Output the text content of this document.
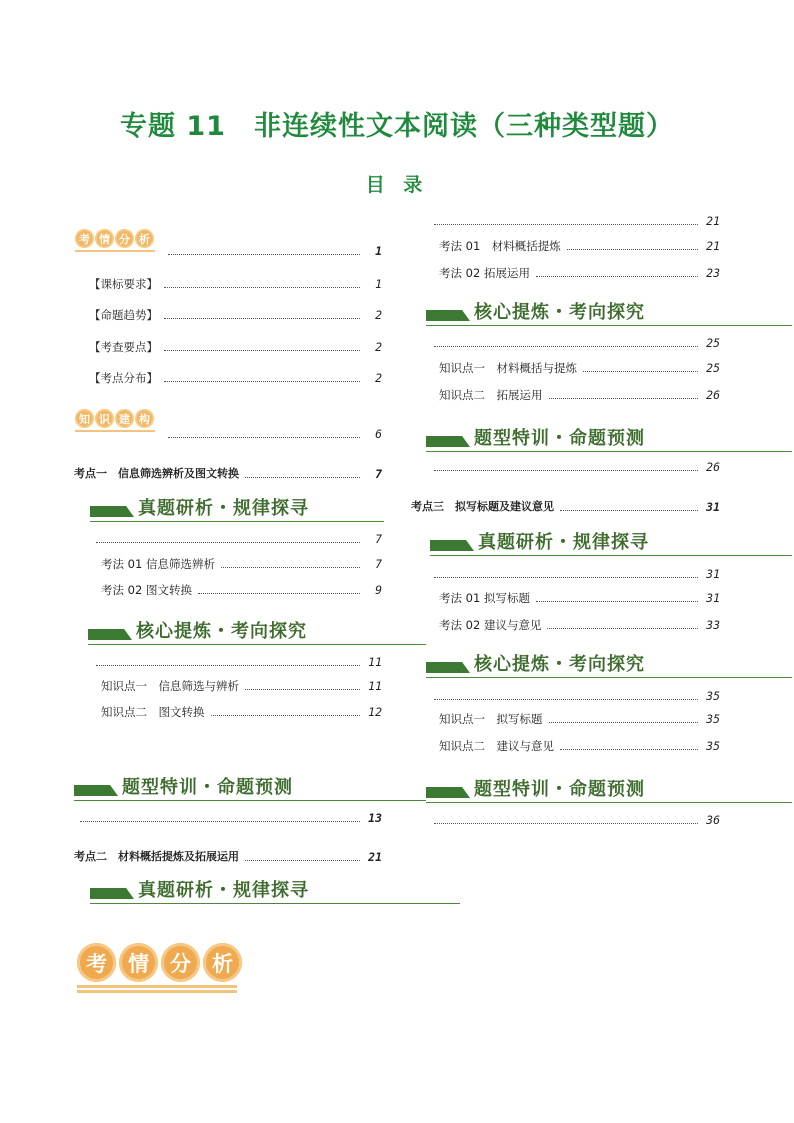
专题 11　非连续性文本阅读（三种类型题）
目 录
考 情 分 析
1
【课标要求】	1
【命题趋势】	2
【考查要点】	2
【考点分布】	2
知 识 建 构
6
考点一　信息筛选辨析及图文转换	7
真题研析・规律探寻
7
考法 01 信息筛选辨析	7
考法 02 图文转换	9
核心提炼・考向探究
11
知识点一　信息筛选与辨析	11
知识点二　图文转换	12
题型特训・命题预测
13
考点二　材料概括提炼及拓展运用	21
真题研析・规律探寻
21
考法 01　材料概括提炼	21
考法 02 拓展运用	23
核心提炼・考向探究
25
知识点一　材料概括与提炼	25
知识点二　拓展运用	26
题型特训・命题预测
26
考点三　拟写标题及建议意见	31
真题研析・规律探寻
31
考法 01 拟写标题	31
考法 02 建议与意见	33
核心提炼・考向探究
35
知识点一　拟写标题	35
知识点二　建议与意见	35
题型特训・命题预测
36
考	情	分	析
